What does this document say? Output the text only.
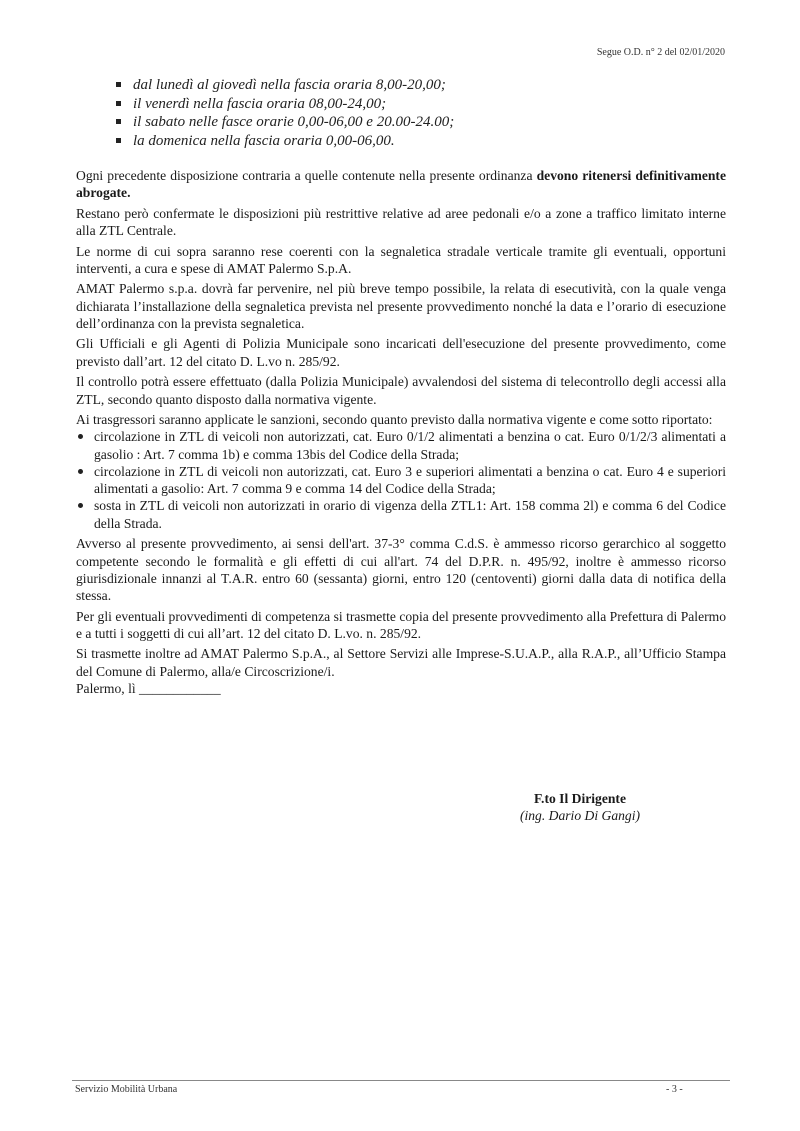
Segue O.D. n° 2 del 02/01/2020
dal lunedì al giovedì nella fascia oraria 8,00-20,00;
il venerdì nella fascia oraria 08,00-24,00;
il sabato nelle fasce orarie 0,00-06,00 e 20.00-24.00;
la domenica nella fascia oraria 0,00-06,00.

Ogni precedente disposizione contraria a quelle contenute nella presente ordinanza devono ritenersi definitivamente abrogate.

Restano però confermate le disposizioni più restrittive relative ad aree pedonali e/o a zone a traffico limitato interne alla ZTL Centrale.

Le norme di cui sopra saranno rese coerenti con la segnaletica stradale verticale tramite gli eventuali, opportuni interventi, a cura e spese di AMAT Palermo S.p.A.

AMAT Palermo s.p.a. dovrà far pervenire, nel più breve tempo possibile, la relata di esecutività, con la quale venga dichiarata l’installazione della segnaletica prevista nel presente provvedimento nonché la data e l’orario di esecuzione dell’ordinanza con la prevista segnaletica.

Gli Ufficiali e gli Agenti di Polizia Municipale sono incaricati dell'esecuzione del presente provvedimento, come previsto dall’art. 12 del citato D. L.vo n. 285/92.

Il controllo potrà essere effettuato (dalla Polizia Municipale) avvalendosi del sistema di telecontrollo degli accessi alla ZTL, secondo quanto disposto dalla normativa vigente.

Ai trasgressori saranno applicate le sanzioni, secondo quanto previsto dalla normativa vigente e come sotto riportato:

circolazione in ZTL di veicoli non autorizzati, cat. Euro 0/1/2 alimentati a benzina o cat. Euro 0/1/2/3 alimentati a gasolio : Art. 7 comma 1b) e comma 13bis del Codice della Strada;
circolazione in ZTL di veicoli non autorizzati, cat. Euro 3 e superiori alimentati a benzina o cat. Euro 4 e superiori alimentati a gasolio: Art. 7 comma 9 e comma 14 del Codice della Strada;
sosta in ZTL di veicoli non autorizzati in orario di vigenza della ZTL1: Art. 158 comma 2l) e comma 6 del Codice della Strada.

Avverso al presente provvedimento, ai sensi dell'art. 37-3° comma C.d.S. è ammesso ricorso gerarchico al soggetto competente secondo le formalità e gli effetti di cui all'art. 74 del D.P.R. n. 495/92, inoltre è ammesso ricorso giurisdizionale innanzi al T.A.R. entro 60 (sessanta) giorni, entro 120 (centoventi) giorni dalla data di notifica della stessa.

Per gli eventuali provvedimenti di competenza si trasmette copia del presente provvedimento alla Prefettura di Palermo e a tutti i soggetti di cui all’art. 12 del citato D. L.vo. n. 285/92.

Si trasmette inoltre ad AMAT Palermo S.p.A., al Settore Servizi alle Imprese-S.U.A.P., alla R.A.P., all’Ufficio Stampa del Comune di Palermo, alla/e Circoscrizione/i.

Palermo, lì ____________

F.to Il Dirigente
(ing. Dario Di Gangi)
Servizio Mobilità Urbana	- 3 -
